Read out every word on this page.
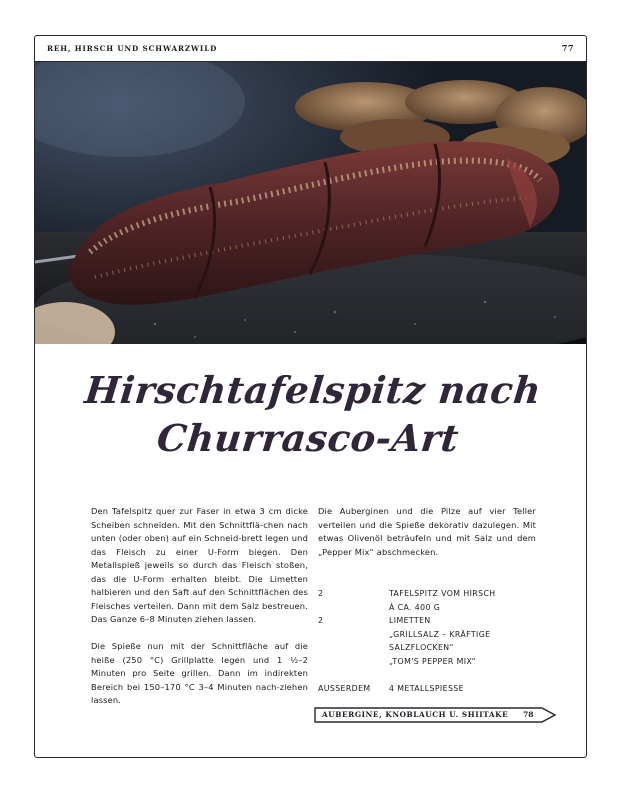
REH, HIRSCH UND SCHWARZWILD	77
Hirschtafelspitz nach
Churrasco-Art

Den Tafelspitz quer zur Faser in etwa 3 cm dicke Scheiben schneiden. Mit den Schnittflä-chen nach unten (oder oben) auf ein Schneid-brett legen und das Fleisch zu einer U-Form biegen. Den Metallspieß jeweils so durch das Fleisch stoßen, das die U-Form erhalten bleibt. Die Limetten halbieren und den Saft auf den Schnittflächen des Fleisches verteilen. Dann mit dem Salz bestreuen. Das Ganze 6–8 Minuten ziehen lassen.

Die Spieße nun mit der Schnittfläche auf die heiße (250 °C) Grillplatte legen und 1 ½–2 Minuten pro Seite grillen. Dann im indirekten Bereich bei 150–170 °C 3–4 Minuten nach-ziehen lassen.

Die Auberginen und die Pilze auf vier Teller verteilen und die Spieße dekorativ dazulegen. Mit etwas Olivenöl beträufeln und mit Salz und dem „Pepper Mix“ abschmecken.

2	TAFELSPITZ VOM HIRSCH
À CA. 400 G
2	LIMETTEN
„GRILLSALZ – KRÄFTIGE
SALZFLOCKEN“
„TOM'S PEPPER MIX“

AUSSERDEM	4 METALLSPIESSE
AUBERGINE, KNOBLAUCH U. SHIITAKE 78
